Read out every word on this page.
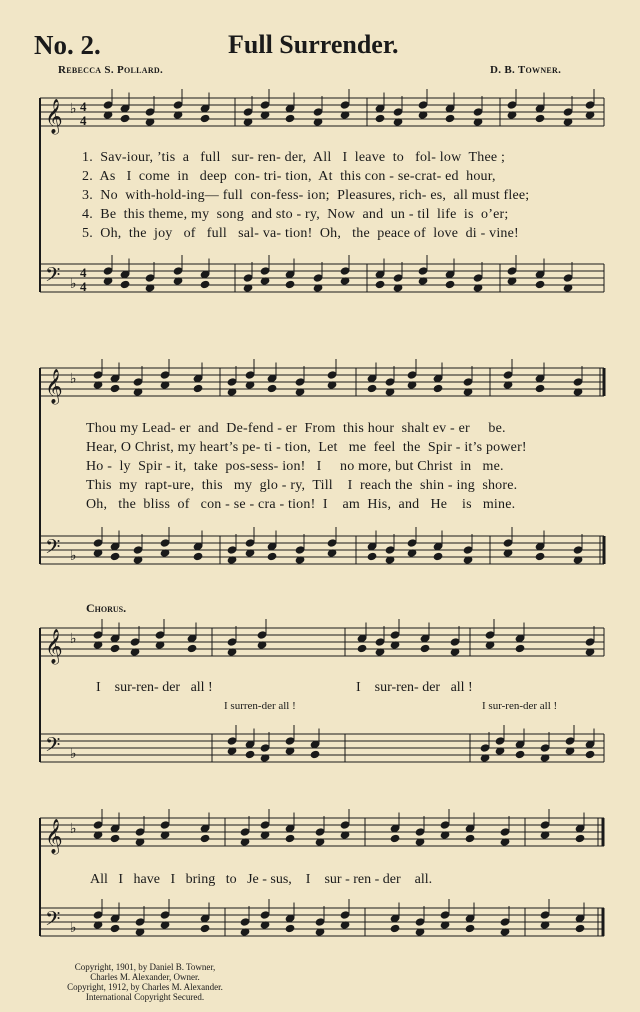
No. 2.	Full Surrender.
Rebecca S. Pollard.	D. B. Towner.
𝄞
𝄢
𝄞
𝄢
𝄞
𝄢
𝄞
𝄢
♭
♭
♭
♭
♭
♭
♭
♭
4
4
4
4
1.  Sav-iour, ’tis  a   full   sur- ren- der,  All   I  leave  to   fol- low  Thee ;
2.  As   I  come  in   deep  con- tri- tion,  At  this con - se-crat- ed  hour,
3.  No  with-hold-ing— full  con-fess- ion;  Pleasures, rich- es,  all must flee;
4.  Be  this theme, my  song  and sto - ry,  Now  and  un - til  life  is  o’er;
5.  Oh,  the  joy   of   full   sal- va- tion!  Oh,   the  peace of  love  di - vine!
Thou my Lead- er  and  De-fend - er  From  this hour  shalt ev - er     be.
Hear, O Christ, my heart’s pe- ti - tion,  Let   me  feel  the  Spir - it’s power!
Ho -  ly  Spir - it,  take  pos-sess- ion!   I     no more, but Christ  in   me.
This  my  rapt-ure,  this   my  glo - ry,  Till    I  reach the  shin - ing  shore.
Oh,   the  bliss  of   con - se - cra - tion!  I    am  His,  and   He    is   mine.
Chorus.
I    sur-ren- der   all !	I    sur-ren- der   all !
I surren-der all !	I sur-ren-der all !
All   I   have   I   bring   to   Je - sus,    I    sur - ren - der    all.
Copyright, 1901, by Daniel B. Towner,
Charles M. Alexander, Owner.
Copyright, 1912, by Charles M. Alexander.
International Copyright Secured.
